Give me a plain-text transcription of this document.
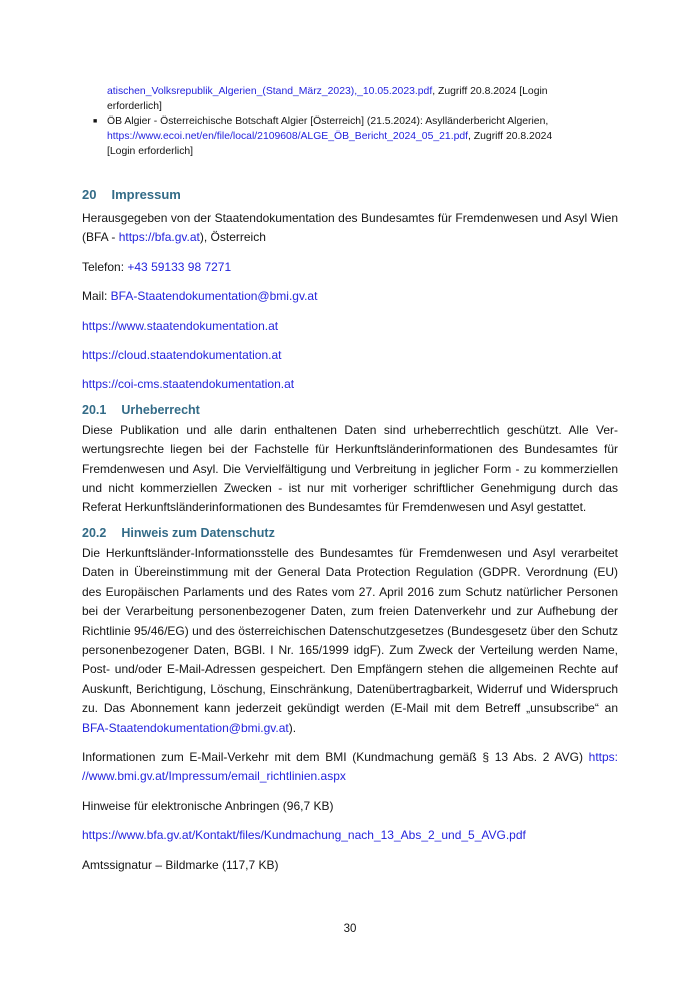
atischen_Volksrepublik_Algerien_(Stand_März_2023),_10.05.2023.pdf, Zugriff 20.8.2024 [Login
erforderlich]
■ ÖB Algier - Österreichische Botschaft Algier [Österreich] (21.5.2024): Asylländerbericht Algerien,
https://www.ecoi.net/en/file/local/2109608/ALGE_ÖB_Bericht_2024_05_21.pdf, Zugriff 20.8.2024
[Login erforderlich]
20 Impressum

Herausgegeben von der Staatendokumentation des Bundesamtes für Fremdenwesen und Asyl Wien (BFA - https://bfa.gv.at), Österreich

Telefon: +43 59133 98 7271

Mail: BFA-Staatendokumentation@bmi.gv.at

https://www.staatendokumentation.at

https://cloud.staatendokumentation.at

https://coi-cms.staatendokumentation.at

20.1 Urheberrecht

Diese Publikation und alle darin enthaltenen Daten sind urheberrechtlich geschützt. Alle Verwertungsrechte liegen bei der Fachstelle für Herkunftsländerinformationen des Bundesamtes für Fremdenwesen und Asyl. Die Vervielfältigung und Verbreitung in jeglicher Form - zu kommerziellen und nicht kommerziellen Zwecken - ist nur mit vorheriger schriftlicher Genehmigung durch das Referat Herkunftsländerinformationen des Bundesamtes für Fremdenwesen und Asyl gestattet.

20.2 Hinweis zum Datenschutz

Die Herkunftsländer-Informationsstelle des Bundesamtes für Fremdenwesen und Asyl verarbeitet Daten in Übereinstimmung mit der General Data Protection Regulation (GDPR. Verordnung (EU) des Europäischen Parlaments und des Rates vom 27. April 2016 zum Schutz natürlicher Personen bei der Verarbeitung personenbezogener Daten, zum freien Datenverkehr und zur Aufhebung der Richtlinie 95/46/EG) und des österreichischen Datenschutzgesetzes (Bundesgesetz über den Schutz personenbezogener Daten, BGBl. I Nr. 165/1999 idgF). Zum Zweck der Verteilung werden Name, Post- und/oder E-Mail-Adressen gespeichert. Den Empfängern stehen die allgemeinen Rechte auf Auskunft, Berichtigung, Löschung, Einschränkung, Datenübertragbarkeit, Widerruf und Widerspruch zu. Das Abonnement kann jederzeit gekündigt werden (E-Mail mit dem Betreff „unsubscribe“ an BFA-Staatendokumentation@bmi.gv.at).

Informationen zum E-Mail-Verkehr mit dem BMI (Kundmachung gemäß § 13 Abs. 2 AVG) https://www.bmi.gv.at/Impressum/email_richtlinien.aspx

Hinweise für elektronische Anbringen (96,7 KB)

https://www.bfa.gv.at/Kontakt/files/Kundmachung_nach_13_Abs_2_und_5_AVG.pdf

Amtssignatur – Bildmarke (117,7 KB)

30
